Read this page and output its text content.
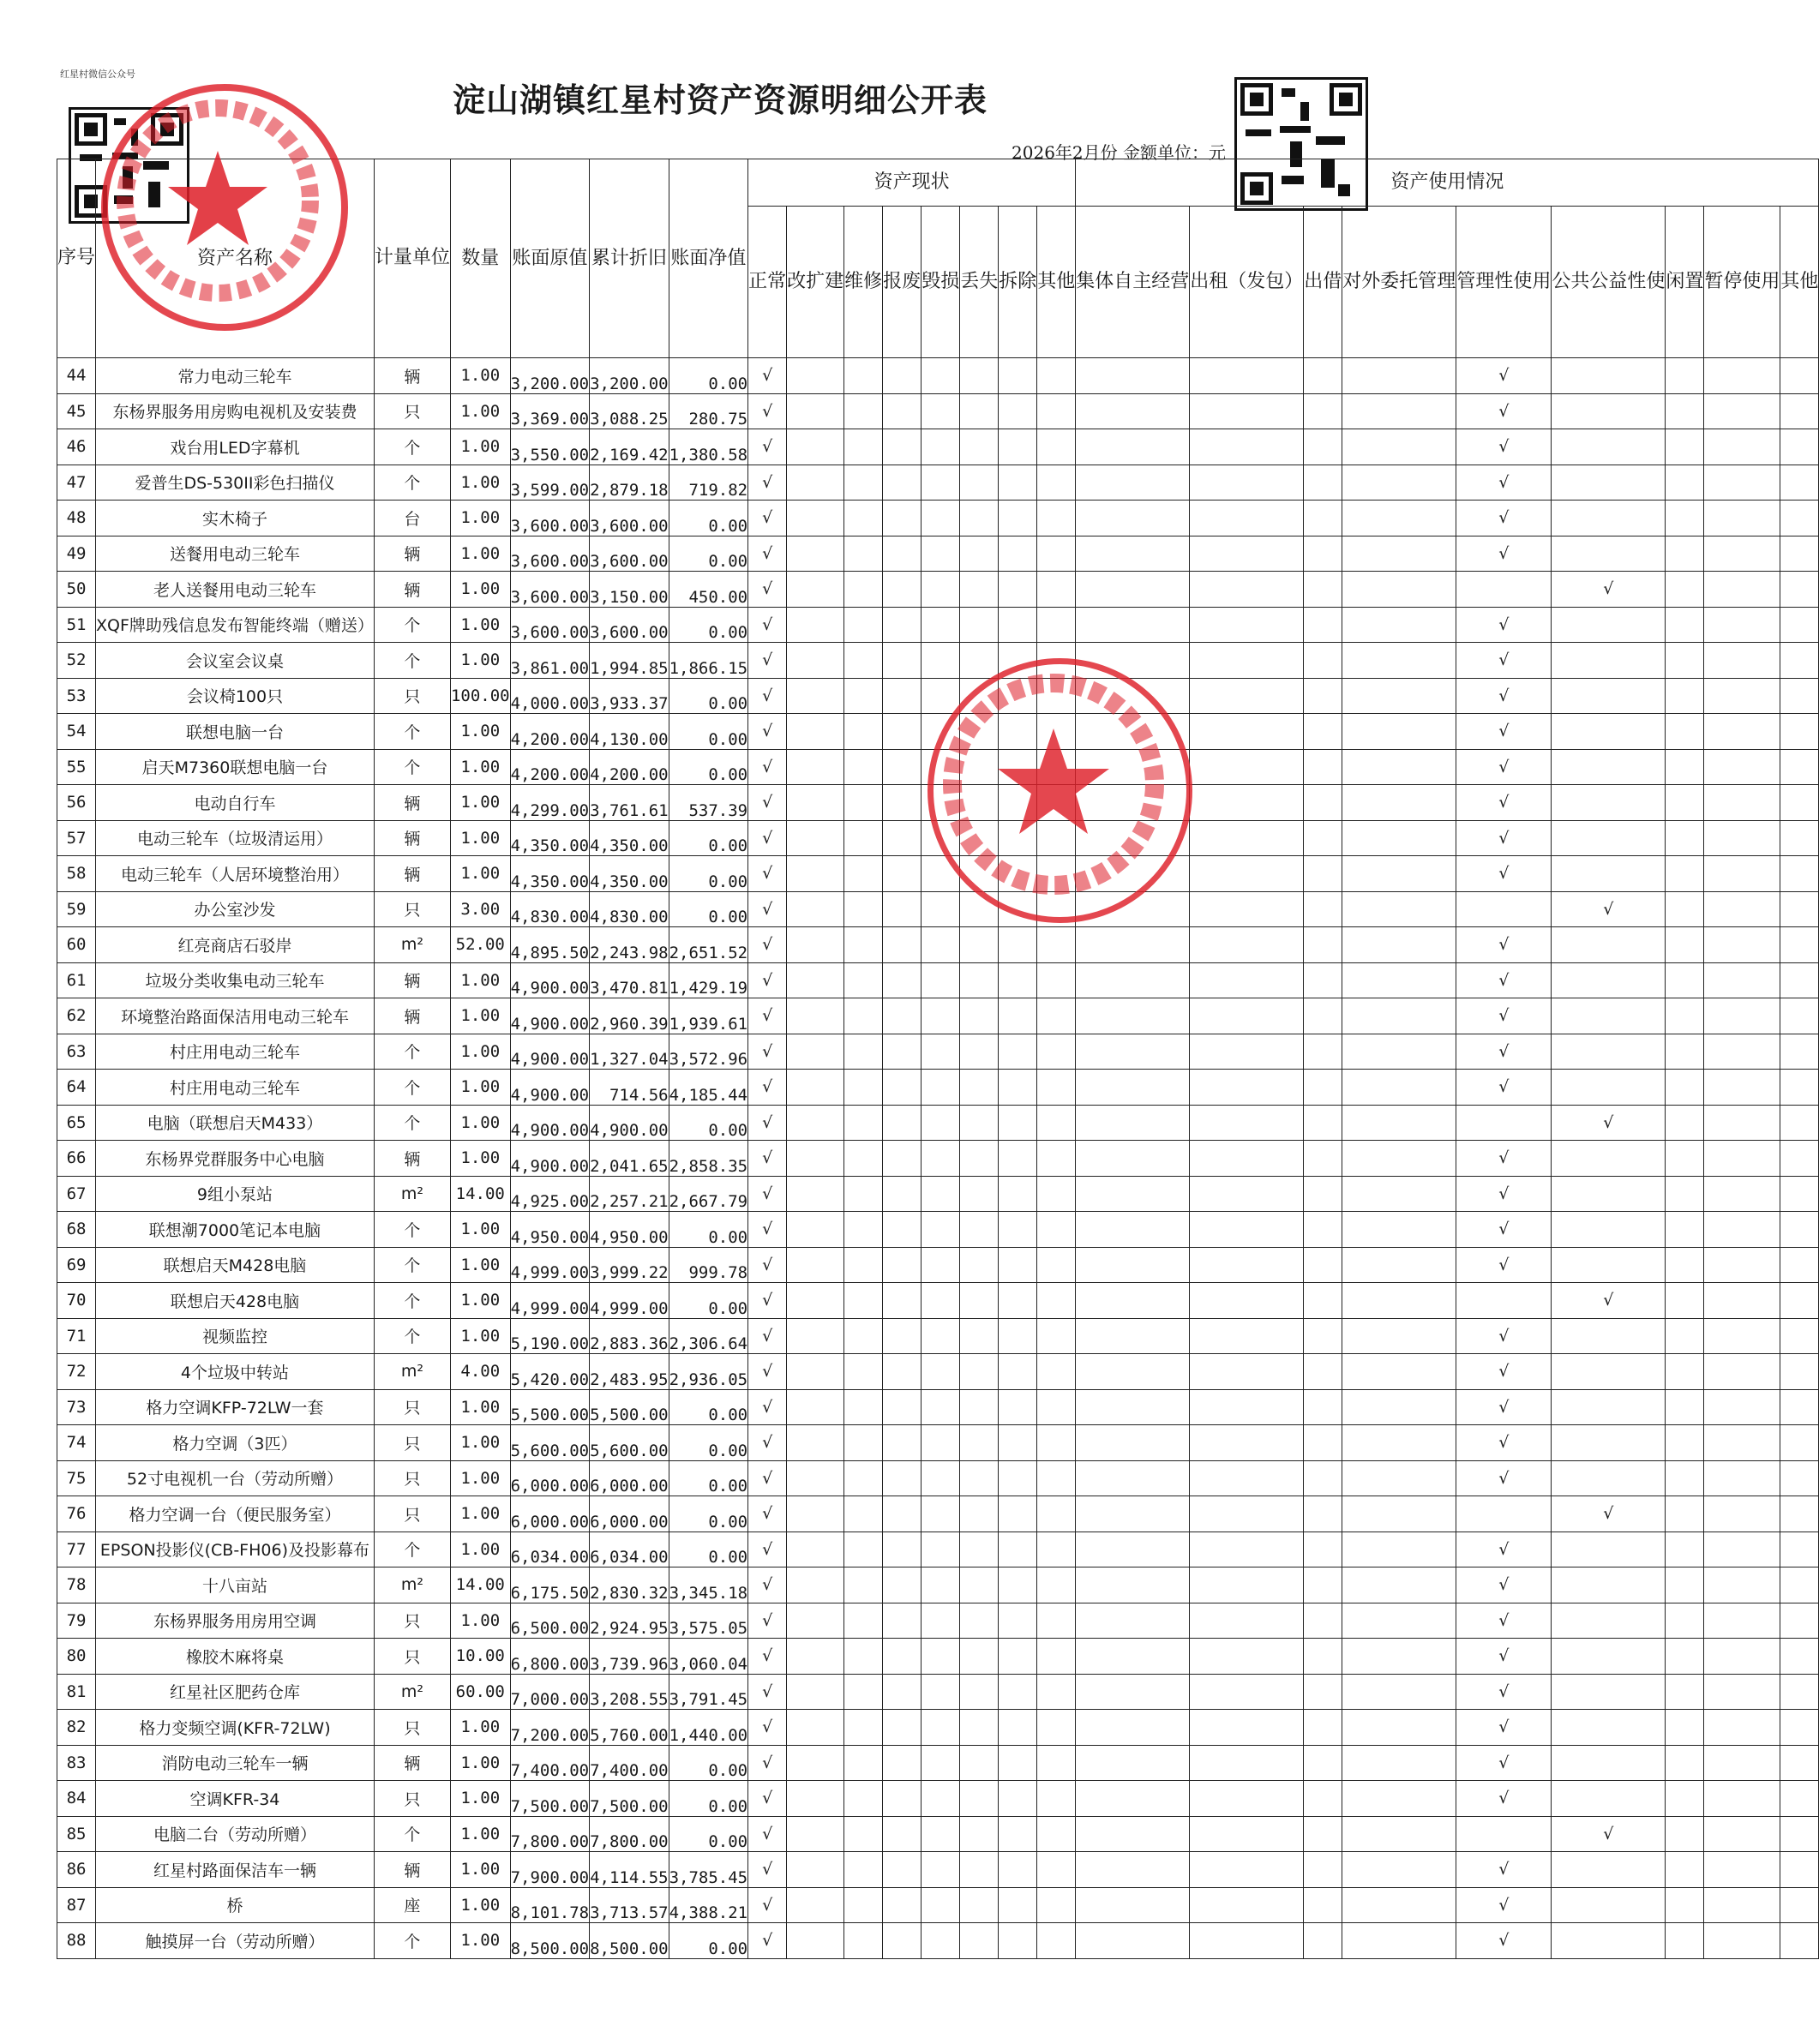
红星村微信公众号
淀山湖镇红星村资产资源明细公开表
2026年2月份 金额单位：元
序号	资产名称	计量单位	数量	账面原值	累计折旧	账面净值	资产现状								资产使用情况								
							正常	改扩建	维修	报废	毁损	丢失	拆除	其他	集体自主经营	出租（发包）	出借	对外委托管理	管理性使用	公共公益性使	闲置	暂停使用	其他
44	常力电动三轮车	辆	1.00	3,200.00	3,200.00	0.00	√												√				
45	东杨界服务用房购电视机及安装费	只	1.00	3,369.00	3,088.25	280.75	√												√				
46	戏台用LED字幕机	个	1.00	3,550.00	2,169.42	1,380.58	√												√				
47	爱普生DS-530II彩色扫描仪	个	1.00	3,599.00	2,879.18	719.82	√												√				
48	实木椅子	台	1.00	3,600.00	3,600.00	0.00	√												√				
49	送餐用电动三轮车	辆	1.00	3,600.00	3,600.00	0.00	√												√				
50	老人送餐用电动三轮车	辆	1.00	3,600.00	3,150.00	450.00	√													√			
51	XQF牌助残信息发布智能终端（赠送）	个	1.00	3,600.00	3,600.00	0.00	√												√				
52	会议室会议桌	个	1.00	3,861.00	1,994.85	1,866.15	√												√				
53	会议椅100只	只	100.00	4,000.00	3,933.37	0.00	√												√				
54	联想电脑一台	个	1.00	4,200.00	4,130.00	0.00	√												√				
55	启天M7360联想电脑一台	个	1.00	4,200.00	4,200.00	0.00	√												√				
56	电动自行车	辆	1.00	4,299.00	3,761.61	537.39	√												√				
57	电动三轮车（垃圾清运用）	辆	1.00	4,350.00	4,350.00	0.00	√												√				
58	电动三轮车（人居环境整治用）	辆	1.00	4,350.00	4,350.00	0.00	√												√				
59	办公室沙发	只	3.00	4,830.00	4,830.00	0.00	√													√			
60	红亮商店石驳岸	m²	52.00	4,895.50	2,243.98	2,651.52	√												√				
61	垃圾分类收集电动三轮车	辆	1.00	4,900.00	3,470.81	1,429.19	√												√				
62	环境整治路面保洁用电动三轮车	辆	1.00	4,900.00	2,960.39	1,939.61	√												√				
63	村庄用电动三轮车	个	1.00	4,900.00	1,327.04	3,572.96	√												√				
64	村庄用电动三轮车	个	1.00	4,900.00	714.56	4,185.44	√												√				
65	电脑（联想启天M433）	个	1.00	4,900.00	4,900.00	0.00	√													√			
66	东杨界党群服务中心电脑	辆	1.00	4,900.00	2,041.65	2,858.35	√												√				
67	9组小泵站	m²	14.00	4,925.00	2,257.21	2,667.79	√												√				
68	联想潮7000笔记本电脑	个	1.00	4,950.00	4,950.00	0.00	√												√				
69	联想启天M428电脑	个	1.00	4,999.00	3,999.22	999.78	√												√				
70	联想启天428电脑	个	1.00	4,999.00	4,999.00	0.00	√													√			
71	视频监控	个	1.00	5,190.00	2,883.36	2,306.64	√												√				
72	4个垃圾中转站	m²	4.00	5,420.00	2,483.95	2,936.05	√												√				
73	格力空调KFP-72LW一套	只	1.00	5,500.00	5,500.00	0.00	√												√				
74	格力空调（3匹）	只	1.00	5,600.00	5,600.00	0.00	√												√				
75	52寸电视机一台（劳动所赠）	只	1.00	6,000.00	6,000.00	0.00	√												√				
76	格力空调一台（便民服务室）	只	1.00	6,000.00	6,000.00	0.00	√													√			
77	EPSON投影仪(CB-FH06)及投影幕布	个	1.00	6,034.00	6,034.00	0.00	√												√				
78	十八亩站	m²	14.00	6,175.50	2,830.32	3,345.18	√												√				
79	东杨界服务用房用空调	只	1.00	6,500.00	2,924.95	3,575.05	√												√				
80	橡胶木麻将桌	只	10.00	6,800.00	3,739.96	3,060.04	√												√				
81	红星社区肥药仓库	m²	60.00	7,000.00	3,208.55	3,791.45	√												√				
82	格力变频空调(KFR-72LW)	只	1.00	7,200.00	5,760.00	1,440.00	√												√				
83	消防电动三轮车一辆	辆	1.00	7,400.00	7,400.00	0.00	√												√				
84	空调KFR-34	只	1.00	7,500.00	7,500.00	0.00	√												√				
85	电脑二台（劳动所赠）	个	1.00	7,800.00	7,800.00	0.00	√													√			
86	红星村路面保洁车一辆	辆	1.00	7,900.00	4,114.55	3,785.45	√												√				
87	桥	座	1.00	8,101.78	3,713.57	4,388.21	√												√				
88	触摸屏一台（劳动所赠）	个	1.00	8,500.00	8,500.00	0.00	√												√				
